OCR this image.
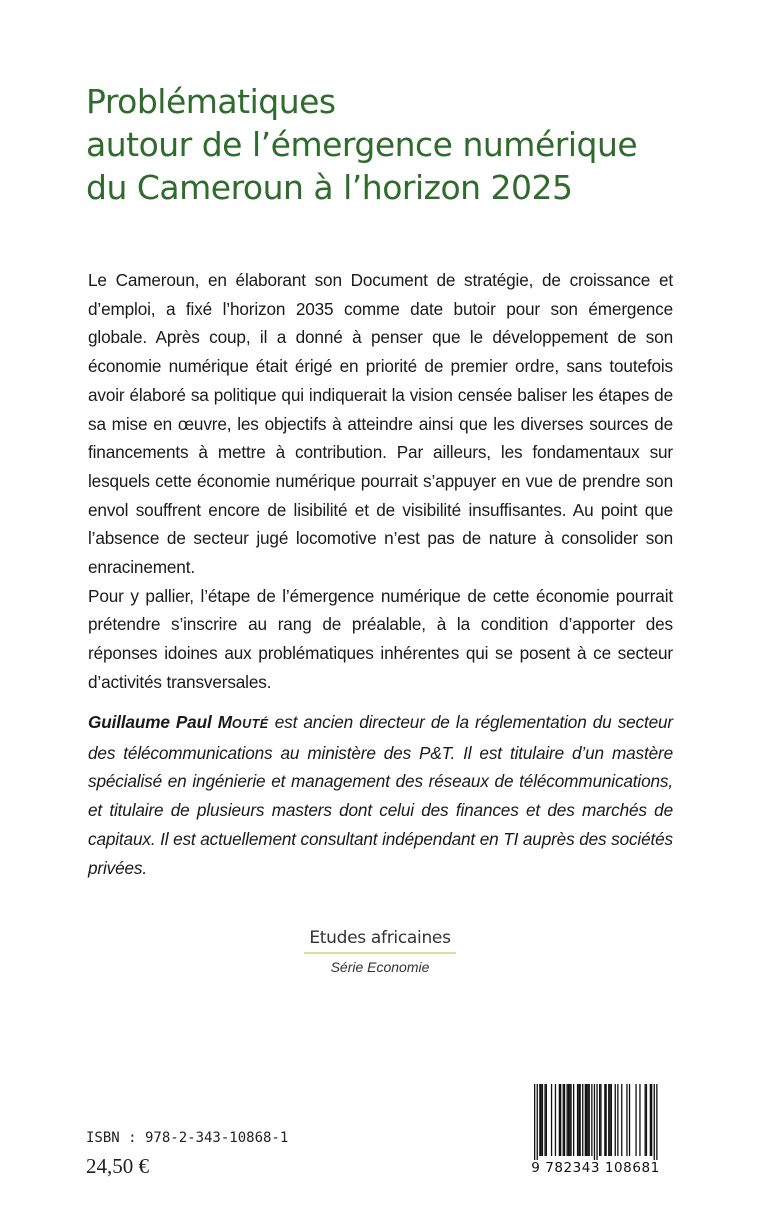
Problématiques
autour de l’émergence numérique
du Cameroun à l’horizon 2025

Le Cameroun, en élaborant son Document de stratégie, de croissance et d’emploi, a fixé l’horizon 2035 comme date butoir pour son émergence globale. Après coup, il a donné à penser que le développement de son économie numérique était érigé en priorité de premier ordre, sans toutefois avoir élaboré sa politique qui indiquerait la vision censée baliser les étapes de sa mise en œuvre, les objectifs à atteindre ainsi que les diverses sources de financements à mettre à contribution. Par ailleurs, les fondamentaux sur lesquels cette économie numérique pourrait s’appuyer en vue de prendre son envol souffrent encore de lisibilité et de visibilité insuffisantes. Au point que l’absence de secteur jugé locomotive n’est pas de nature à consolider son enracinement.

Pour y pallier, l’étape de l’émergence numérique de cette économie pourrait prétendre s’inscrire au rang de préalable, à la condition d’apporter des réponses idoines aux problématiques inhérentes qui se posent à ce secteur d’activités transversales.

Guillaume Paul MOUTÉ est ancien directeur de la réglementation du secteur des télécommunications au ministère des P&T. Il est titulaire d’un mastère spécialisé en ingénierie et management des réseaux de télécommunications, et titulaire de plusieurs masters dont celui des finances et des marchés de capitaux. Il est actuellement consultant indépendant en TI auprès des sociétés privées.
Etudes africaines
Série Economie
ISBN : 978-2-343-10868-1
24,50 €	9 782343 108681
